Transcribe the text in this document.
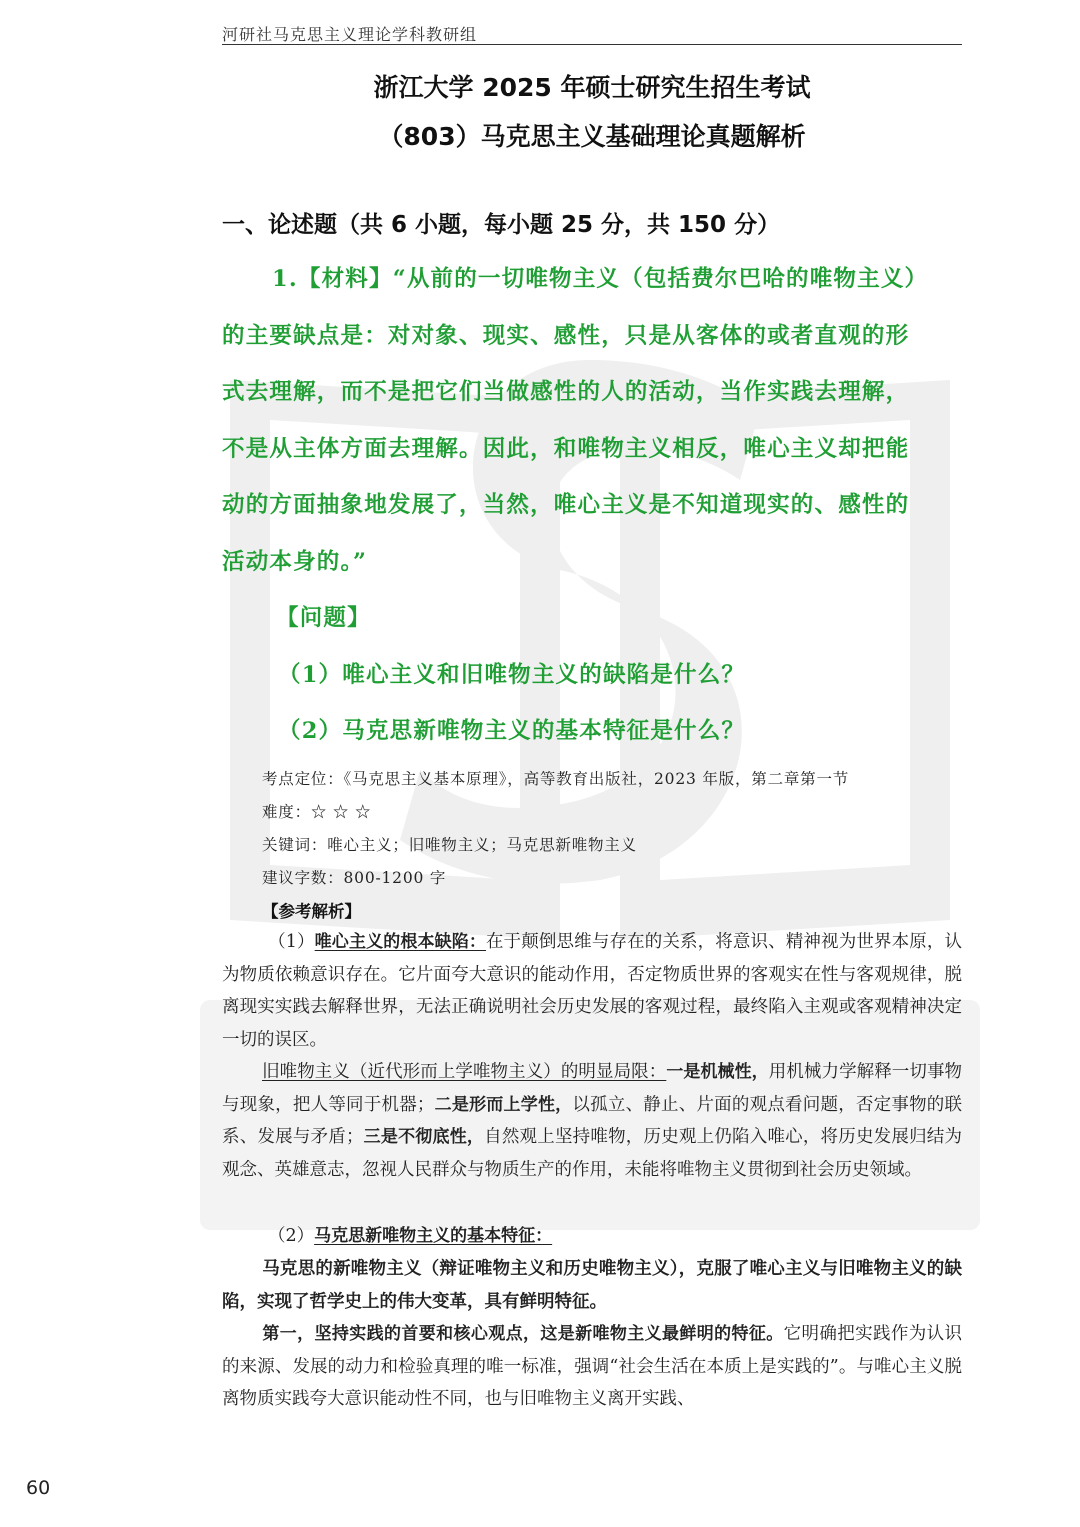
河研社马克思主义理论学科教研组
浙江大学 2025 年硕士研究生招生考试
（803）马克思主义基础理论真题解析
一、论述题（共 6 小题，每小题 25 分，共 150 分）
1.【材料】“从前的一切唯物主义（包括费尔巴哈的唯物主义）
的主要缺点是：对对象、现实、感性，只是从客体的或者直观的形
式去理解，而不是把它们当做感性的人的活动，当作实践去理解，
不是从主体方面去理解。因此，和唯物主义相反，唯心主义却把能
动的方面抽象地发展了，当然，唯心主义是不知道现实的、感性的
活动本身的。”
【问题】
（1）唯心主义和旧唯物主义的缺陷是什么？
（2）马克思新唯物主义的基本特征是什么？
考点定位：《马克思主义基本原理》，高等教育出版社，2023 年版，第二章第一节
难度：☆ ☆ ☆
关键词：唯心主义；旧唯物主义；马克思新唯物主义
建议字数：800-1200 字
【参考解析】
（1）唯心主义的根本缺陷：在于颠倒思维与存在的关系，将意识、精神视为世界本原，认为物质依赖意识存在。它片面夸大意识的能动作用，否定物质世界的客观实在性与客观规律，脱离现实实践去解释世界，无法正确说明社会历史发展的客观过程，最终陷入主观或客观精神决定一切的误区。
旧唯物主义（近代形而上学唯物主义）的明显局限：一是机械性，用机械力学解释一切事物与现象，把人等同于机器；二是形而上学性，以孤立、静止、片面的观点看问题，否定事物的联系、发展与矛盾；三是不彻底性，自然观上坚持唯物，历史观上仍陷入唯心，将历史发展归结为观念、英雄意志，忽视人民群众与物质生产的作用，未能将唯物主义贯彻到社会历史领域。
（2）马克思新唯物主义的基本特征：
马克思的新唯物主义（辩证唯物主义和历史唯物主义），克服了唯心主义与旧唯物主义的缺陷，实现了哲学史上的伟大变革，具有鲜明特征。
第一，坚持实践的首要和核心观点，这是新唯物主义最鲜明的特征。它明确把实践作为认识的来源、发展的动力和检验真理的唯一标准，强调“社会生活在本质上是实践的”。与唯心主义脱离物质实践夸大意识能动性不同，也与旧唯物主义离开实践、
60
